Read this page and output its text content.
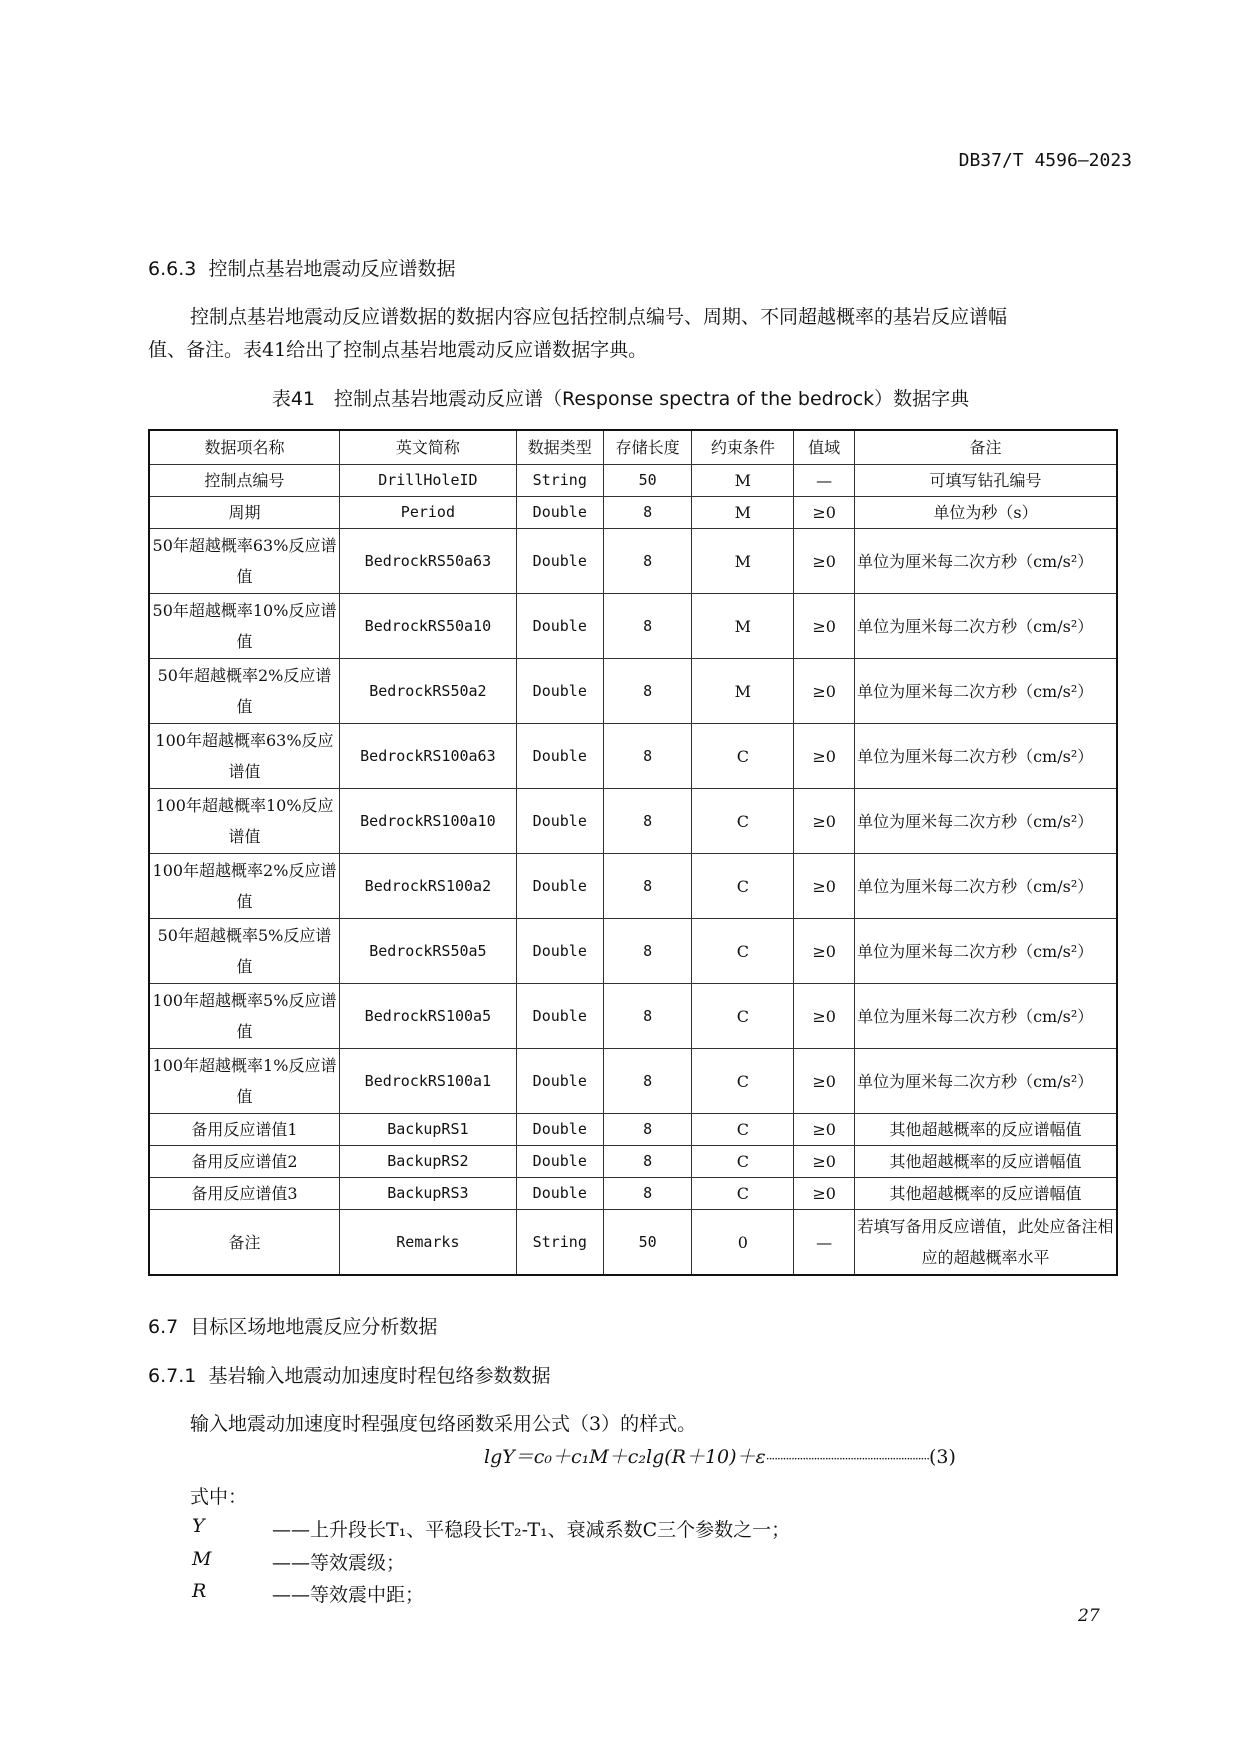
DB37/T 4596—2023
6.6.3 控制点基岩地震动反应谱数据
控制点基岩地震动反应谱数据的数据内容应包括控制点编号、周期、不同超越概率的基岩反应谱幅
值、备注。表41给出了控制点基岩地震动反应谱数据字典。
表41　控制点基岩地震动反应谱（Response spectra of the bedrock）数据字典
数据项名称	英文简称	数据类型	存储长度	约束条件	值域	备注
控制点编号	DrillHoleID	String	50	M	—	可填写钻孔编号
周期	Period	Double	8	M	≥0	单位为秒（s）
50年超越概率63%反应谱值	BedrockRS50a63	Double	8	M	≥0	单位为厘米每二次方秒（cm/s²）
50年超越概率10%反应谱值	BedrockRS50a10	Double	8	M	≥0	单位为厘米每二次方秒（cm/s²）
50年超越概率2%反应谱值	BedrockRS50a2	Double	8	M	≥0	单位为厘米每二次方秒（cm/s²）
100年超越概率63%反应谱值	BedrockRS100a63	Double	8	C	≥0	单位为厘米每二次方秒（cm/s²）
100年超越概率10%反应谱值	BedrockRS100a10	Double	8	C	≥0	单位为厘米每二次方秒（cm/s²）
100年超越概率2%反应谱值	BedrockRS100a2	Double	8	C	≥0	单位为厘米每二次方秒（cm/s²）
50年超越概率5%反应谱值	BedrockRS50a5	Double	8	C	≥0	单位为厘米每二次方秒（cm/s²）
100年超越概率5%反应谱值	BedrockRS100a5	Double	8	C	≥0	单位为厘米每二次方秒（cm/s²）
100年超越概率1%反应谱值	BedrockRS100a1	Double	8	C	≥0	单位为厘米每二次方秒（cm/s²）
备用反应谱值1	BackupRS1	Double	8	C	≥0	其他超越概率的反应谱幅值
备用反应谱值2	BackupRS2	Double	8	C	≥0	其他超越概率的反应谱幅值
备用反应谱值3	BackupRS3	Double	8	C	≥0	其他超越概率的反应谱幅值
备注	Remarks	String	50	0	—	若填写备用反应谱值，此处应备注相应的超越概率水平
6.7 目标区场地地震反应分析数据
6.7.1 基岩输入地震动加速度时程包络参数数据
输入地震动加速度时程强度包络函数采用公式（3）的样式。
lgY＝c₀＋c₁M＋c₂lg(R＋10)＋ε··························································(3)
式中：
Y	——上升段长T₁、平稳段长T₂-T₁、衰减系数C三个参数之一；
M	——等效震级；
R	——等效震中距；
27
